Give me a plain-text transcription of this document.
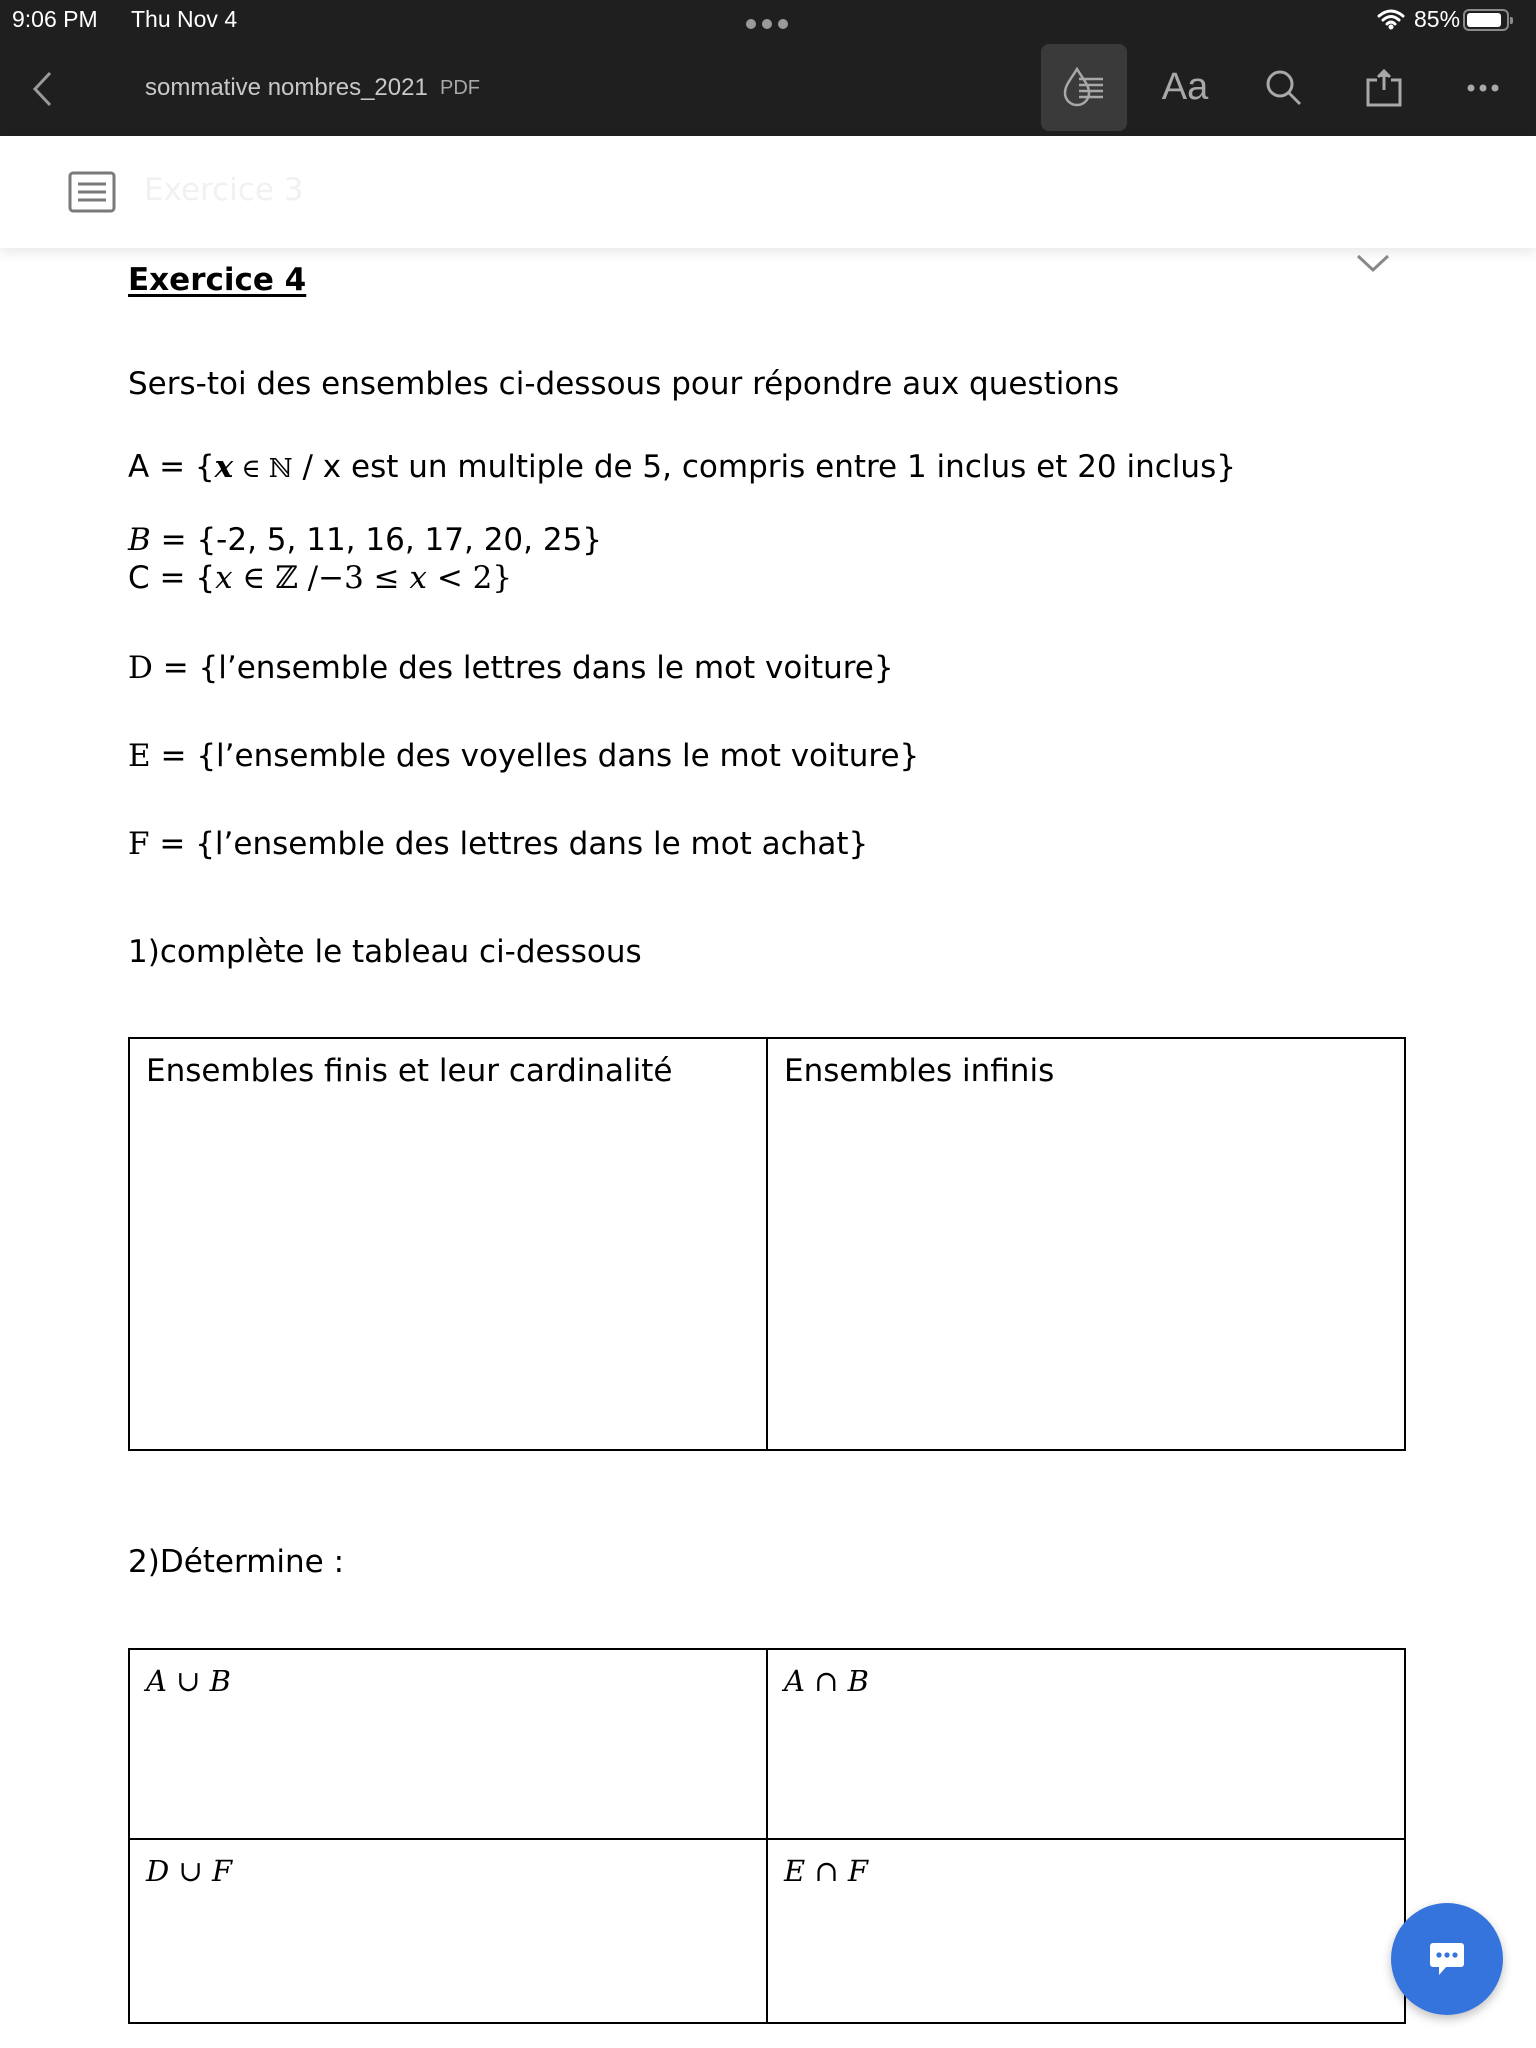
9:06 PM Thu Nov 4	85%
sommative nombres_2021 PDF	Aa
Exercice 3
Exercice 4
Sers-toi des ensembles ci-dessous pour répondre aux questions
A = {x ∈ ℕ / x est un multiple de 5, compris entre 1 inclus et 20 inclus}
B = {-2, 5, 11, 16, 17, 20, 25}
C = {x ∈ ℤ /−3 ≤ x < 2}
D = {l’ensemble des lettres dans le mot voiture}
E = {l’ensemble des voyelles dans le mot voiture}
F = {l’ensemble des lettres dans le mot achat}
1)complète le tableau ci-dessous
Ensembles finis et leur cardinalité	Ensembles infinis
2)Détermine :
A ∪ B	A ∩ B
D ∪ F	E ∩ F
